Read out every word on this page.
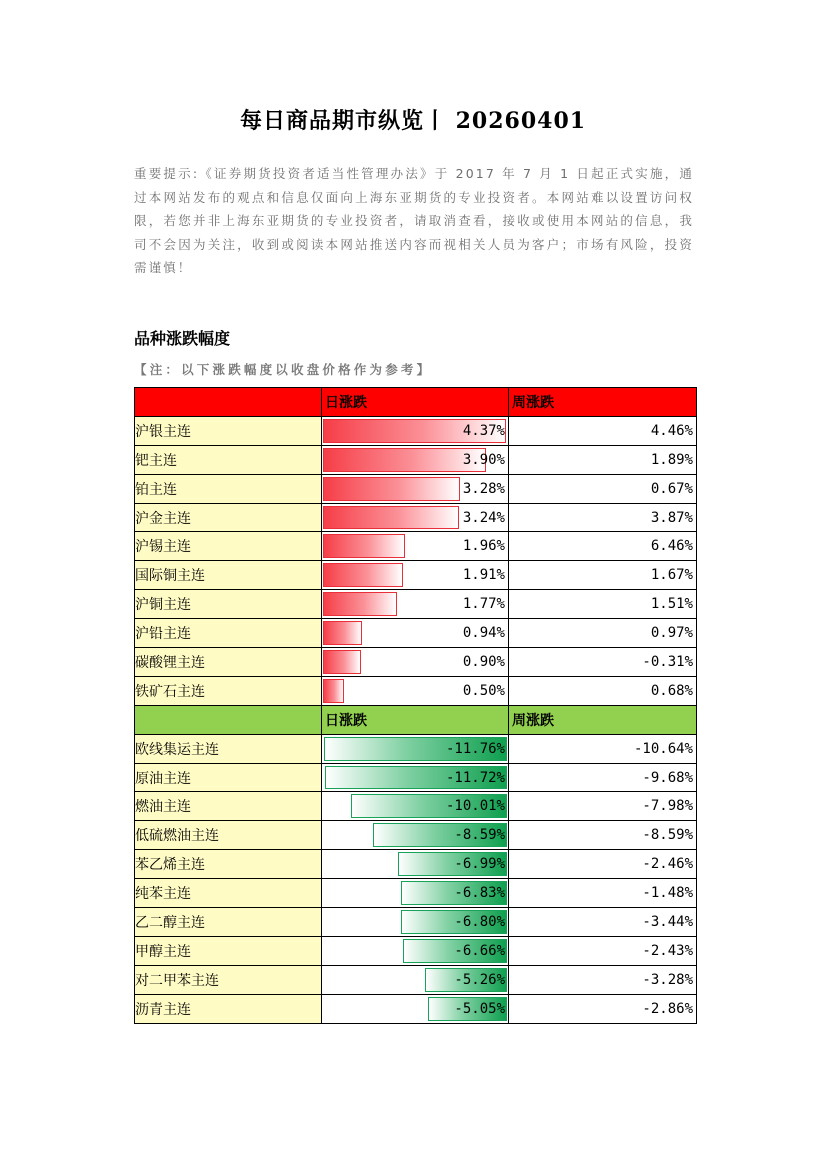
每日商品期市纵览丨 20260401
重要提示:《证券期货投资者适当性管理办法》于 2017 年 7 月 1 日起正式实施，通过本网站发布的观点和信息仅面向上海东亚期货的专业投资者。本网站难以设置访问权限，若您并非上海东亚期货的专业投资者，请取消查看，接收或使用本网站的信息，我司不会因为关注，收到或阅读本网站推送内容而视相关人员为客户；市场有风险，投资需谨慎！
品种涨跌幅度
【注：以下涨跌幅度以收盘价格作为参考】
	日涨跌	周涨跌
沪银主连	4.37%	4.46%
钯主连	3.90%	1.89%
铂主连	3.28%	0.67%
沪金主连	3.24%	3.87%
沪锡主连	1.96%	6.46%
国际铜主连	1.91%	1.67%
沪铜主连	1.77%	1.51%
沪铅主连	0.94%	0.97%
碳酸锂主连	0.90%	-0.31%
铁矿石主连	0.50%	0.68%
	日涨跌	周涨跌
欧线集运主连	-11.76%	-10.64%
原油主连	-11.72%	-9.68%
燃油主连	-10.01%	-7.98%
低硫燃油主连	-8.59%	-8.59%
苯乙烯主连	-6.99%	-2.46%
纯苯主连	-6.83%	-1.48%
乙二醇主连	-6.80%	-3.44%
甲醇主连	-6.66%	-2.43%
对二甲苯主连	-5.26%	-3.28%
沥青主连	-5.05%	-2.86%
